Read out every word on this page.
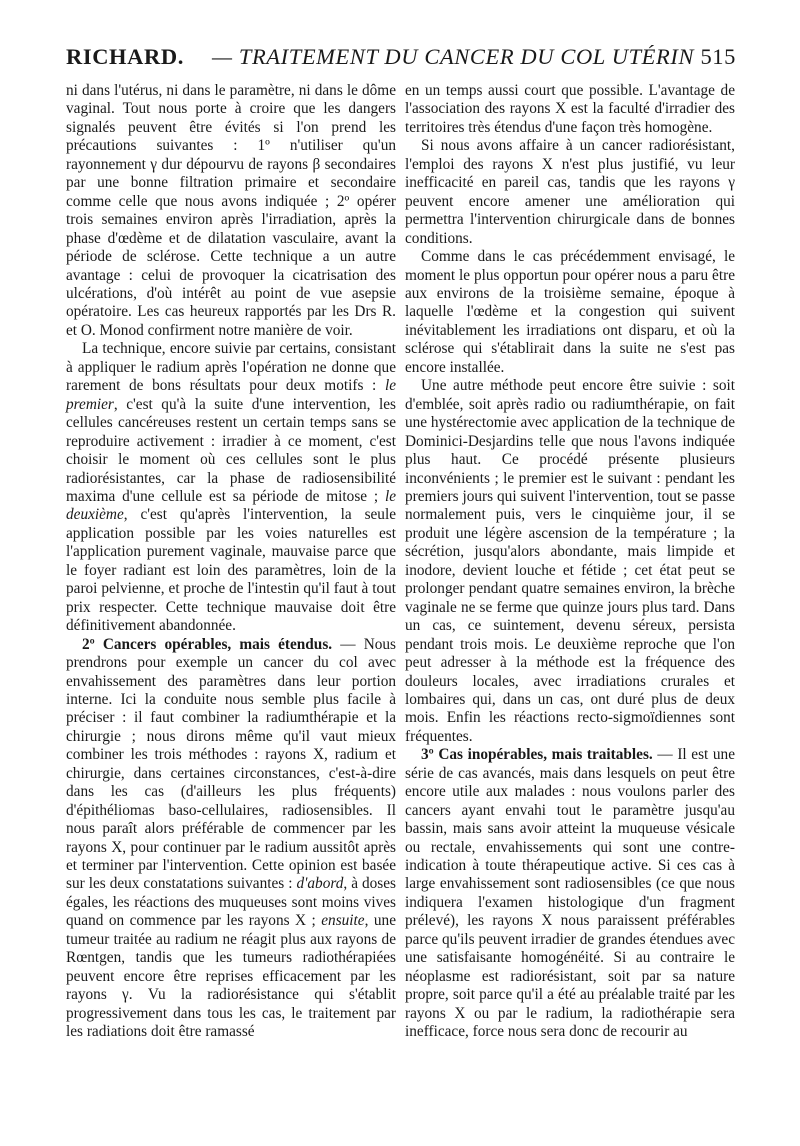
RICHARD. — TRAITEMENT DU CANCER DU COL UTÉRIN 515

ni dans l'utérus, ni dans le paramètre, ni dans le dôme vaginal. Tout nous porte à croire que les dangers signalés peuvent être évités si l'on prend les précautions suivantes : 1º n'utiliser qu'un rayonnement γ dur dépourvu de rayons β secondaires par une bonne filtration primaire et secondaire comme celle que nous avons indiquée ; 2º opérer trois semaines environ après l'irradiation, après la phase d'œdème et de dilatation vasculaire, avant la période de sclérose. Cette technique a un autre avantage : celui de provoquer la cicatrisation des ulcérations, d'où intérêt au point de vue asepsie opératoire. Les cas heureux rapportés par les Drs R. et O. Monod confirment notre manière de voir.

La technique, encore suivie par certains, consistant à appliquer le radium après l'opération ne donne que rarement de bons résultats pour deux motifs : le premier, c'est qu'à la suite d'une intervention, les cellules cancéreuses restent un certain temps sans se reproduire activement : irradier à ce moment, c'est choisir le moment où ces cellules sont le plus radiorésistantes, car la phase de radiosensibilité maxima d'une cellule est sa période de mitose ; le deuxième, c'est qu'après l'intervention, la seule application possible par les voies naturelles est l'application purement vaginale, mauvaise parce que le foyer radiant est loin des paramètres, loin de la paroi pelvienne, et proche de l'intestin qu'il faut à tout prix respecter. Cette technique mauvaise doit être définitivement abandonnée.

2º Cancers opérables, mais étendus. — Nous prendrons pour exemple un cancer du col avec envahissement des paramètres dans leur portion interne. Ici la conduite nous semble plus facile à préciser : il faut combiner la radiumthérapie et la chirurgie ; nous dirons même qu'il vaut mieux combiner les trois méthodes : rayons X, radium et chirurgie, dans certaines circonstances, c'est-à-dire dans les cas (d'ailleurs les plus fréquents) d'épithéliomas baso-cellulaires, radiosensibles. Il nous paraît alors préférable de commencer par les rayons X, pour continuer par le radium aussitôt après et terminer par l'intervention. Cette opinion est basée sur les deux constatations suivantes : d'abord, à doses égales, les réactions des muqueuses sont moins vives quand on commence par les rayons X ; ensuite, une tumeur traitée au radium ne réagit plus aux rayons de Rœntgen, tandis que les tumeurs radiothérapiées peuvent encore être reprises efficacement par les rayons γ. Vu la radiorésistance qui s'établit progressivement dans tous les cas, le traitement par les radiations doit être ramassé

en un temps aussi court que possible. L'avantage de l'association des rayons X est la faculté d'irradier des territoires très étendus d'une façon très homogène.

Si nous avons affaire à un cancer radiorésistant, l'emploi des rayons X n'est plus justifié, vu leur inefficacité en pareil cas, tandis que les rayons γ peuvent encore amener une amélioration qui permettra l'intervention chirurgicale dans de bonnes conditions.

Comme dans le cas précédemment envisagé, le moment le plus opportun pour opérer nous a paru être aux environs de la troisième semaine, époque à laquelle l'œdème et la congestion qui suivent inévitablement les irradiations ont disparu, et où la sclérose qui s'établirait dans la suite ne s'est pas encore installée.

Une autre méthode peut encore être suivie : soit d'emblée, soit après radio ou radiumthérapie, on fait une hystérectomie avec application de la technique de Dominici-Desjardins telle que nous l'avons indiquée plus haut. Ce procédé présente plusieurs inconvénients ; le premier est le suivant : pendant les premiers jours qui suivent l'intervention, tout se passe normalement puis, vers le cinquième jour, il se produit une légère ascension de la température ; la sécrétion, jusqu'alors abondante, mais limpide et inodore, devient louche et fétide ; cet état peut se prolonger pendant quatre semaines environ, la brèche vaginale ne se ferme que quinze jours plus tard. Dans un cas, ce suintement, devenu séreux, persista pendant trois mois. Le deuxième reproche que l'on peut adresser à la méthode est la fréquence des douleurs locales, avec irradiations crurales et lombaires qui, dans un cas, ont duré plus de deux mois. Enfin les réactions recto-sigmoïdiennes sont fréquentes.

3º Cas inopérables, mais traitables. — Il est une série de cas avancés, mais dans lesquels on peut être encore utile aux malades : nous voulons parler des cancers ayant envahi tout le paramètre jusqu'au bassin, mais sans avoir atteint la muqueuse vésicale ou rectale, envahissements qui sont une contre-indication à toute thérapeutique active. Si ces cas à large envahissement sont radiosensibles (ce que nous indiquera l'examen histologique d'un fragment prélevé), les rayons X nous paraissent préférables parce qu'ils peuvent irradier de grandes étendues avec une satisfaisante homogénéité. Si au contraire le néoplasme est radiorésistant, soit par sa nature propre, soit parce qu'il a été au préalable traité par les rayons X ou par le radium, la radiothérapie sera inefficace, force nous sera donc de recourir au
